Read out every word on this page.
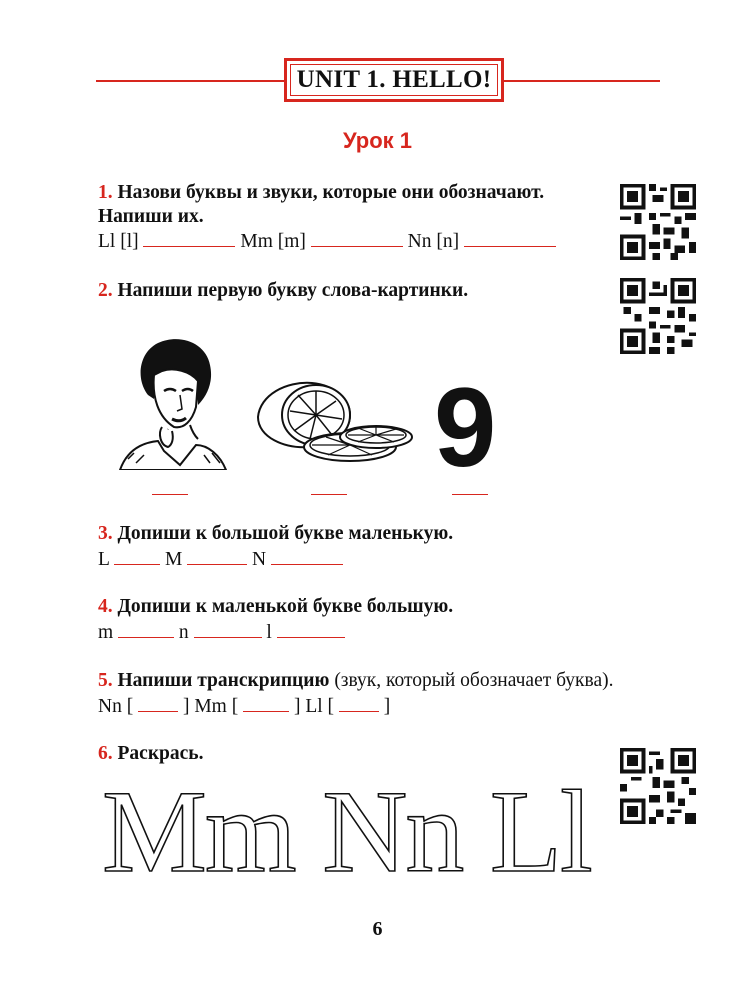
UNIT 1. HELLO!
Урок 1
1. Назови буквы и звуки, которые они обозначают.
Напиши их.
Ll [l]	Mm [m]	Nn [n]
2. Напиши первую букву слова-картинки.
9
3. Допиши к большой букве маленькую.
L	M	N
4. Допиши к маленькой букве большую.
m	n	l
5. Напиши транскрипцию (звук, который обозначает буква).
Nn [	] Mm [	] Ll [	]
6. Раскрась.
Mm Nn Ll
6
